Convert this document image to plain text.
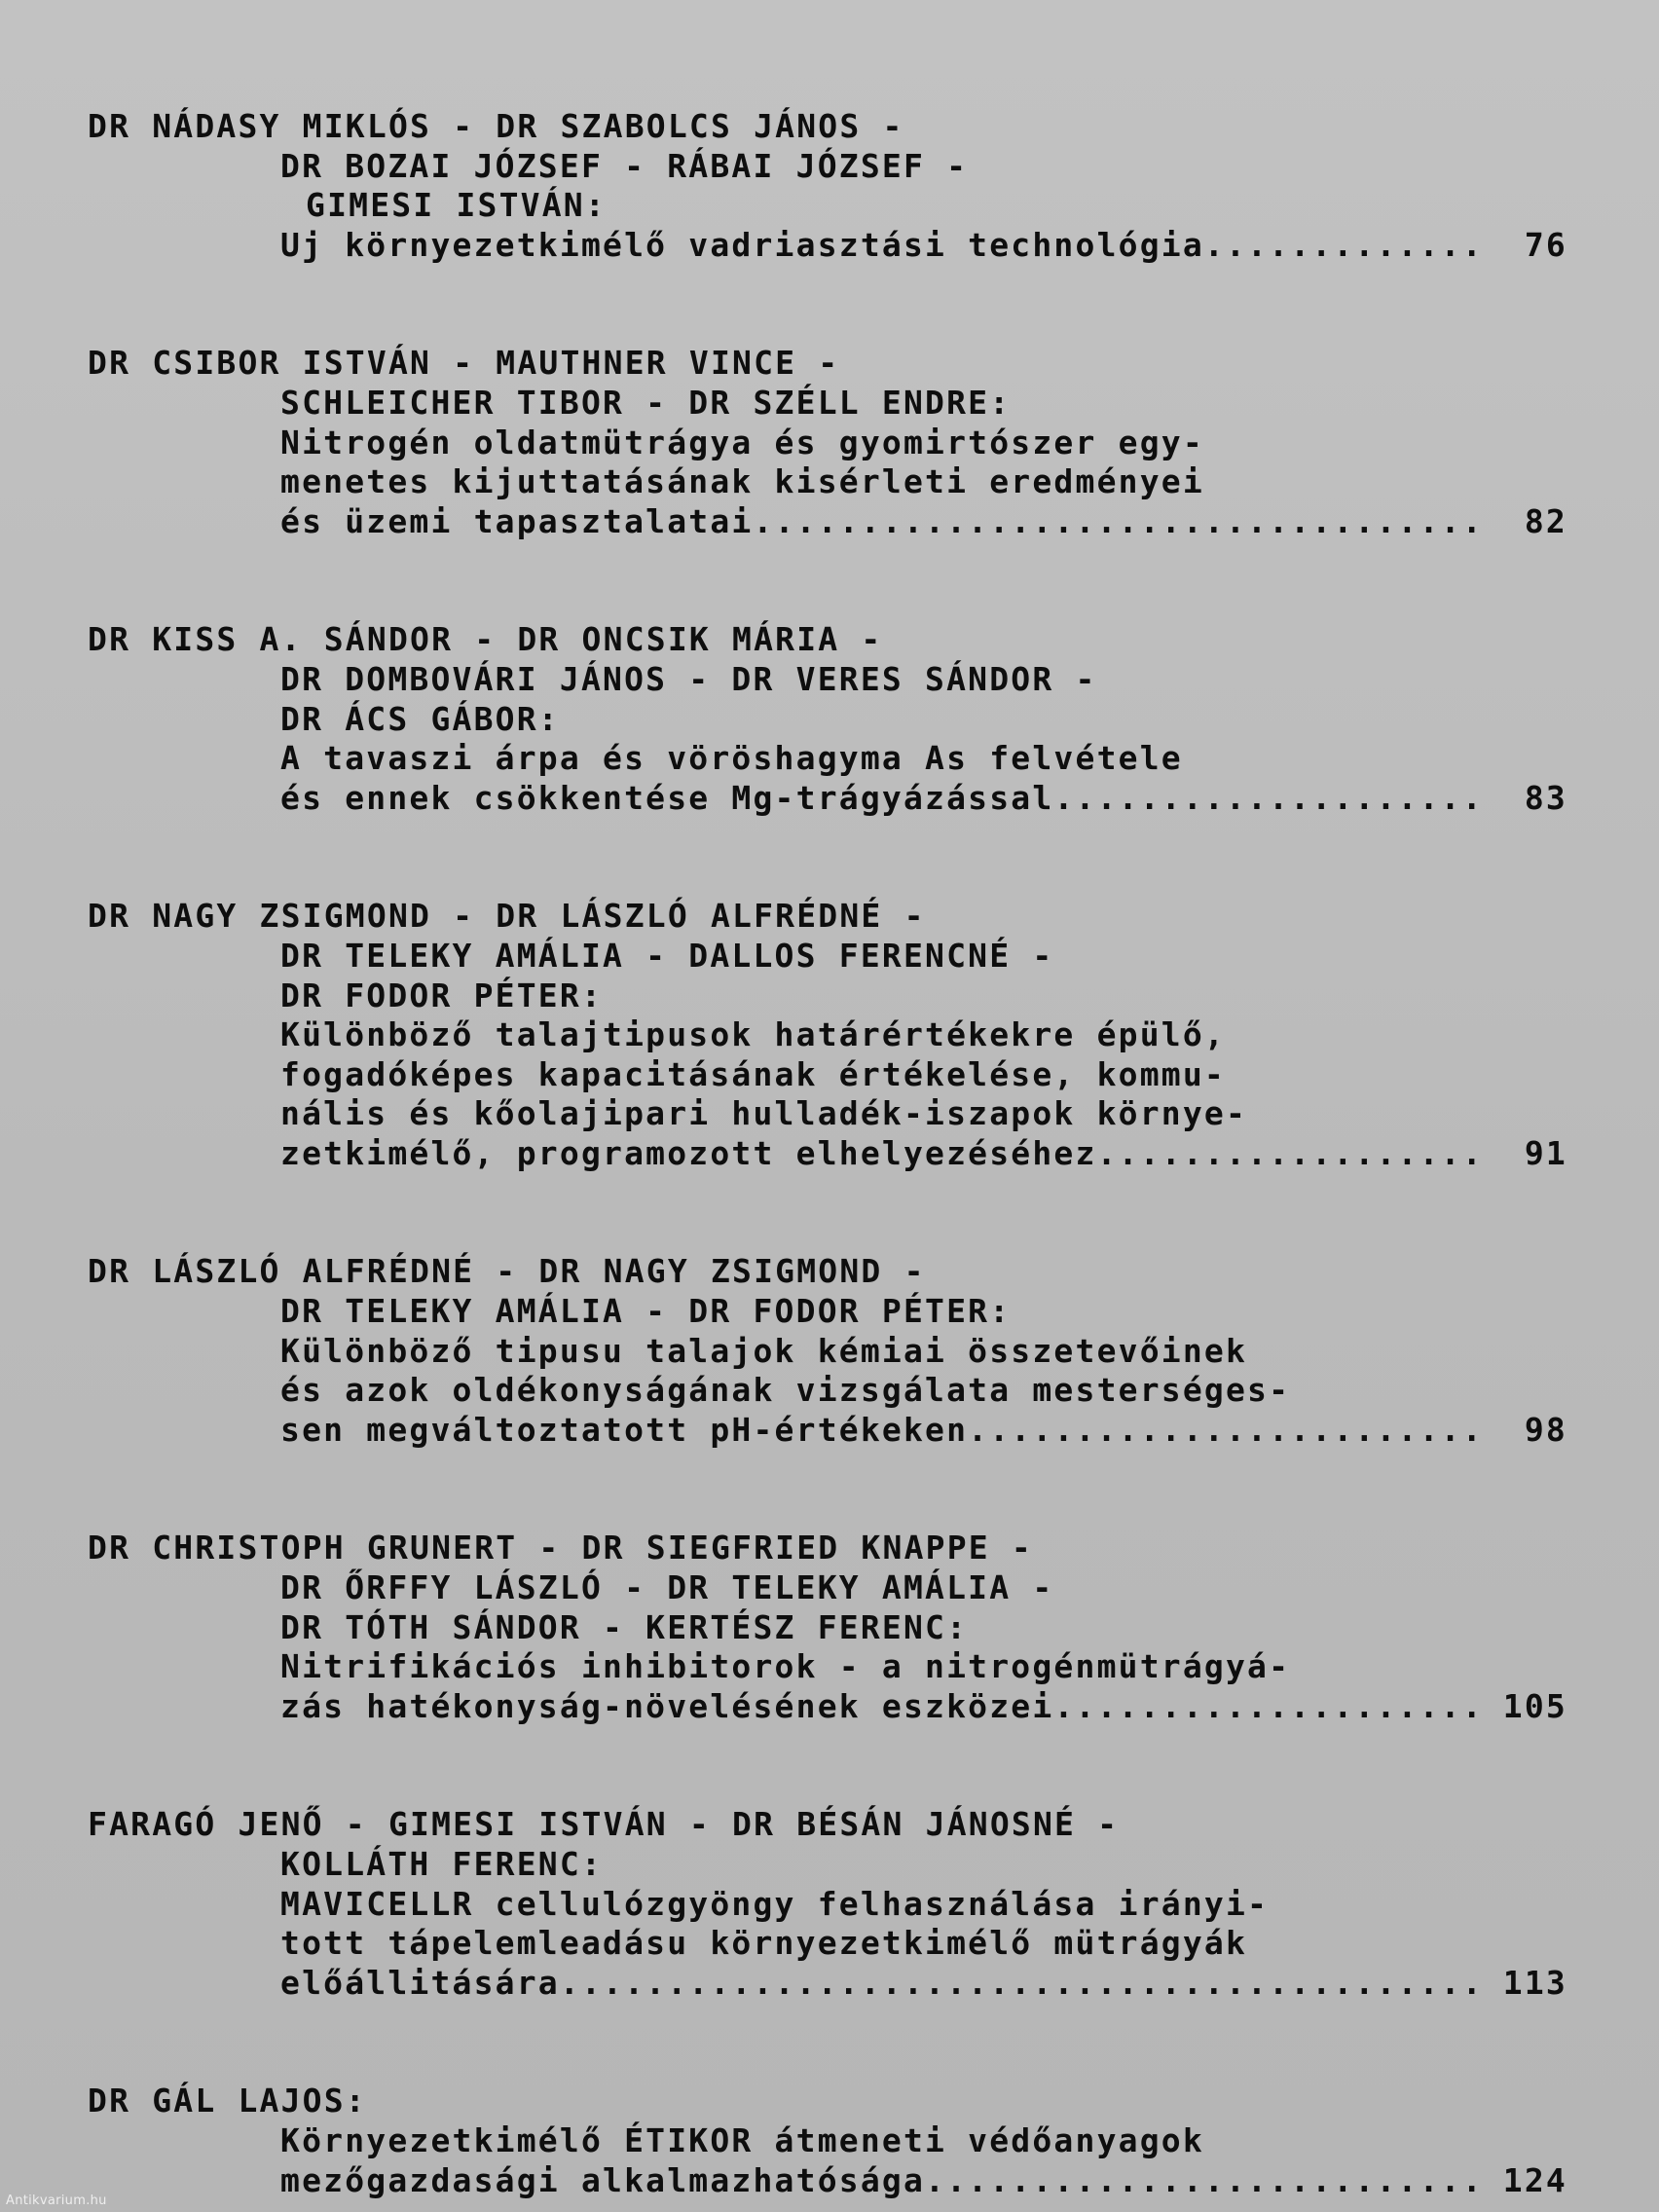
DR NÁDASY MIKLÓS - DR SZABOLCS JÁNOS -
DR BOZAI JÓZSEF - RÁBAI JÓZSEF -
GIMESI ISTVÁN:
Uj környezetkimélő vadriasztási technológia .....	76
DR CSIBOR ISTVÁN - MAUTHNER VINCE -
SCHLEICHER TIBOR - DR SZÉLL ENDRE:
Nitrogén oldatmütrágya és gyomirtószer egy-
menetes kijuttatásának kisérleti eredményei
és üzemi tapasztalatai .....	82
DR KISS A. SÁNDOR - DR ONCSIK MÁRIA -
DR DOMBOVÁRI JÁNOS - DR VERES SÁNDOR -
DR ÁCS GÁBOR:
A tavaszi árpa és vöröshagyma As felvétele
és ennek csökkentése Mg-trágyázással .....	83
DR NAGY ZSIGMOND - DR LÁSZLÓ ALFRÉDNÉ -
DR TELEKY AMÁLIA - DALLOS FERENCNÉ -
DR FODOR PÉTER:
Különböző talajtipusok határértékekre épülő,
fogadóképes kapacitásának értékelése, kommu-
nális és kőolajipari hulladék-iszapok környe-
zetkimélő, programozott elhelyezéséhez .....	91
DR LÁSZLÓ ALFRÉDNÉ - DR NAGY ZSIGMOND -
DR TELEKY AMÁLIA - DR FODOR PÉTER:
Különböző tipusu talajok kémiai összetevőinek
és azok oldékonyságának vizsgálata mesterséges-
sen megváltoztatott pH-értékeken .....	98
DR CHRISTOPH GRUNERT - DR SIEGFRIED KNAPPE -
DR ŐRFFY LÁSZLÓ - DR TELEKY AMÁLIA -
DR TÓTH SÁNDOR - KERTÉSZ FERENC:
Nitrifikációs inhibitorok - a nitrogénmütrágyá-
zás hatékonyság-növelésének eszközei .....	105
FARAGÓ JENŐ - GIMESI ISTVÁN - DR BÉSÁN JÁNOSNÉ -
KOLLÁTH FERENC:
MAVICELLR cellulózgyöngy felhasználása irányi-
tott tápelemleadásu környezetkimélő mütrágyák
előállitására .....	113
DR GÁL LAJOS:
Környezetkimélő ÉTIKOR átmeneti védőanyagok
mezőgazdasági alkalmazhatósága .....	124
Antikvarium.hu
